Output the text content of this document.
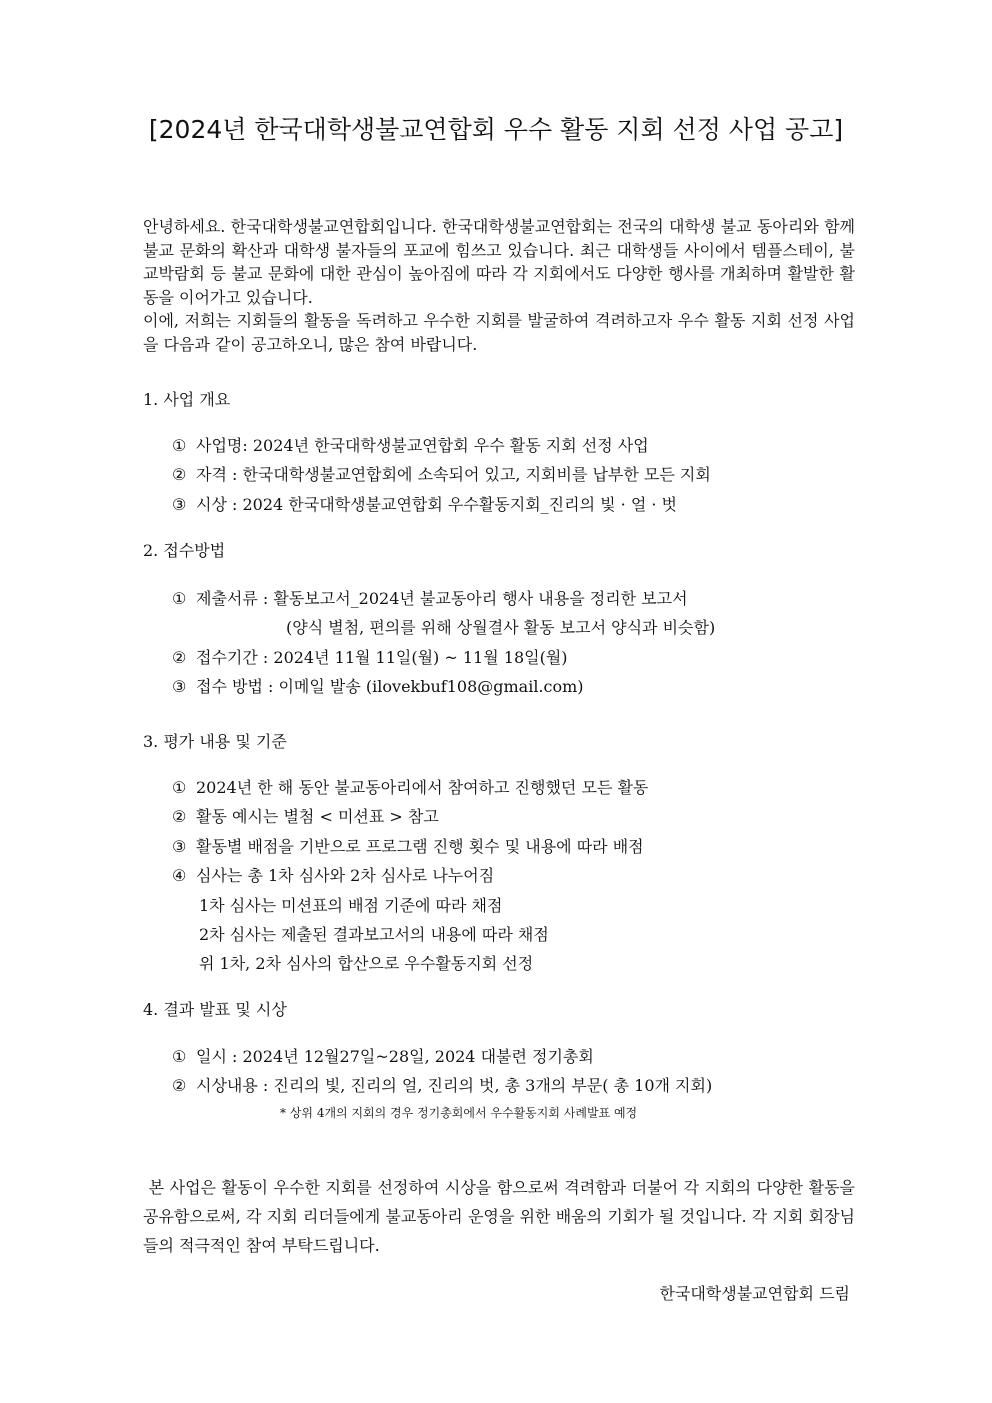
[2024년 한국대학생불교연합회 우수 활동 지회 선정 사업 공고]

안녕하세요. 한국대학생불교연합회입니다. 한국대학생불교연합회는 전국의 대학생 불교 동아리와 함께 불교 문화의 확산과 대학생 불자들의 포교에 힘쓰고 있습니다. 최근 대학생들 사이에서 템플스테이, 불교박람회 등 불교 문화에 대한 관심이 높아짐에 따라 각 지회에서도 다양한 행사를 개최하며 활발한 활동을 이어가고 있습니다.

이에, 저희는 지회들의 활동을 독려하고 우수한 지회를 발굴하여 격려하고자 우수 활동 지회 선정 사업을 다음과 같이 공고하오니, 많은 참여 바랍니다.

1. 사업 개요
① 사업명: 2024년 한국대학생불교연합회 우수 활동 지회 선정 사업
② 자격 : 한국대학생불교연합회에 소속되어 있고, 지회비를 납부한 모든 지회
③ 시상 : 2024 한국대학생불교연합회 우수활동지회_진리의 빛 · 얼 · 벗
2. 접수방법
① 제출서류 : 활동보고서_2024년 불교동아리 행사 내용을 정리한 보고서
(양식 별첨, 편의를 위해 상월결사 활동 보고서 양식과 비슷함)
② 접수기간 : 2024년 11월 11일(월) ~ 11월 18일(월)
③ 접수 방법 : 이메일 발송 (ilovekbuf108@gmail.com)
3. 평가 내용 및 기준
① 2024년 한 해 동안 불교동아리에서 참여하고 진행했던 모든 활동
② 활동 예시는 별첨 < 미션표 > 참고
③ 활동별 배점을 기반으로 프로그램 진행 횟수 및 내용에 따라 배점
④ 심사는 총 1차 심사와 2차 심사로 나누어짐
1차 심사는 미션표의 배점 기준에 따라 채점
2차 심사는 제출된 결과보고서의 내용에 따라 채점
위 1차, 2차 심사의 합산으로 우수활동지회 선정
4. 결과 발표 및 시상
① 일시 : 2024년 12월27일~28일, 2024 대불련 정기총회
② 시상내용 : 진리의 빛, 진리의 얼, 진리의 벗, 총 3개의 부문( 총 10개 지회)

* 상위 4개의 지회의 경우 정기총회에서 우수활동지회 사례발표 예정

본 사업은 활동이 우수한 지회를 선정하여 시상을 함으로써 격려함과 더불어 각 지회의 다양한 활동을 공유함으로써, 각 지회 리더들에게 불교동아리 운영을 위한 배움의 기회가 될 것입니다. 각 지회 회장님들의 적극적인 참여 부탁드립니다.

한국대학생불교연합회 드림
